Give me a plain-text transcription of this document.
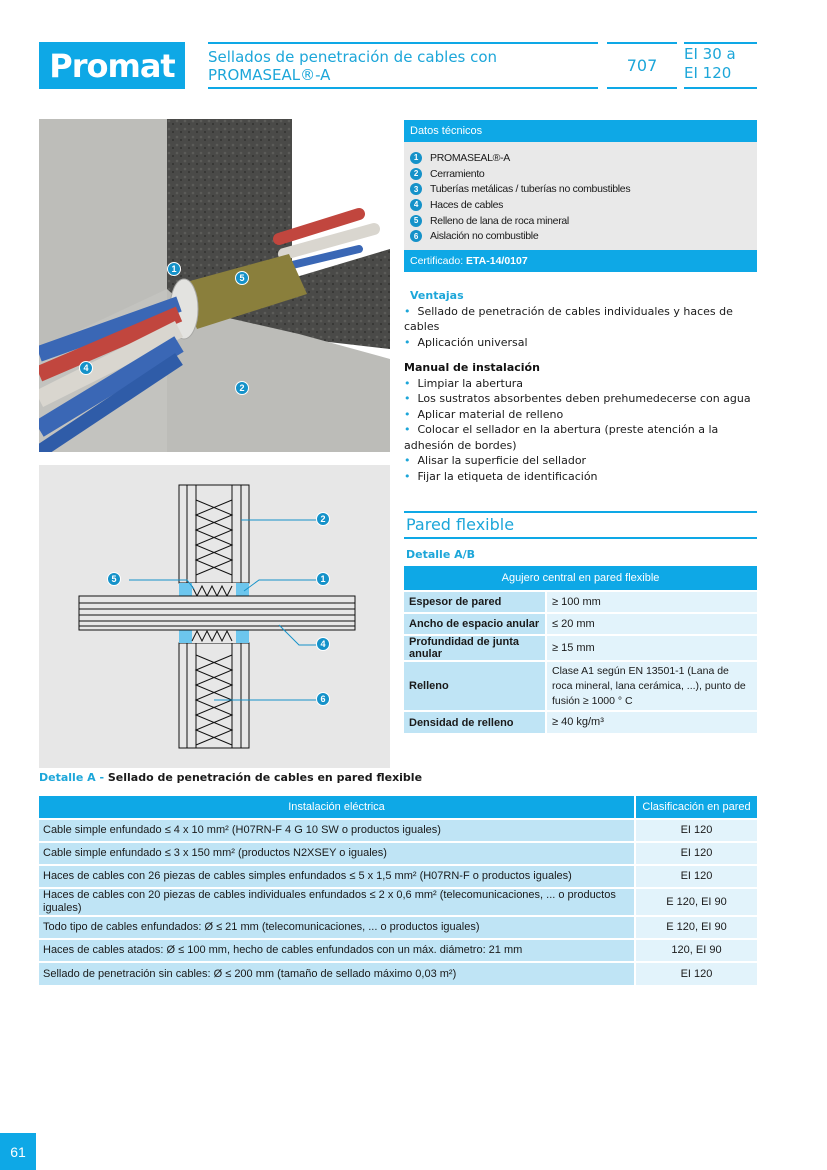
Promat	Sellados de penetración de cables con
PROMASEAL®-A	707
EI 30 a
EI 120
1
5
4
2
2
5	1
4
6
Datos técnicos
1	PROMASEAL®-A
2	Cerramiento
3	Tuberías metálicas / tuberías no combustibles
4	Haces de cables
5	Relleno de lana de roca mineral
6	Aislación no combustible
Certificado: ETA-14/0107
Ventajas
• Sellado de penetración de cables individuales y haces de cables
• Aplicación universal
Manual de instalación
• Limpiar la abertura
• Los sustratos absorbentes deben prehumedecerse con agua
• Aplicar material de relleno
• Colocar el sellador en la abertura (preste atención a la adhesión de bordes)
• Alisar la superficie del sellador
• Fijar la etiqueta de identificación
Pared flexible
Detalle A/B
Agujero central en pared flexible	
Espesor de pared	≥ 100 mm
Ancho de espacio anular	≤ 20 mm
Profundidad de junta anular	≥ 15 mm
Relleno	Clase A1 según EN 13501-1 (Lana de roca mineral, lana cerámica, ...), punto de fusión ≥ 1000 ° C
Densidad de relleno	≥ 40 kg/m³
Detalle A - Sellado de penetración de cables en pared flexible
Instalación eléctrica	Clasificación en pared
Cable simple enfundado ≤ 4 x 10 mm² (H07RN-F 4 G 10 SW o productos iguales)	EI 120
Cable simple enfundado ≤ 3 x 150 mm² (productos N2XSEY o iguales)	EI 120
Haces de cables con 26 piezas de cables simples enfundados ≤ 5 x 1,5 mm² (H07RN-F o productos iguales)	EI 120
Haces de cables con 20 piezas de cables individuales enfundados ≤ 2 x 0,6 mm² (telecomunicaciones, ... o productos iguales)	E 120, EI 90
Todo tipo de cables enfundados: Ø ≤ 21 mm (telecomunicaciones, ... o productos iguales)	E 120, EI 90
Haces de cables atados: Ø ≤ 100 mm, hecho de cables enfundados con un máx. diámetro: 21 mm	120, EI 90
Sellado de penetración sin cables: Ø ≤ 200 mm (tamaño de sellado máximo 0,03 m²)	EI 120
61
